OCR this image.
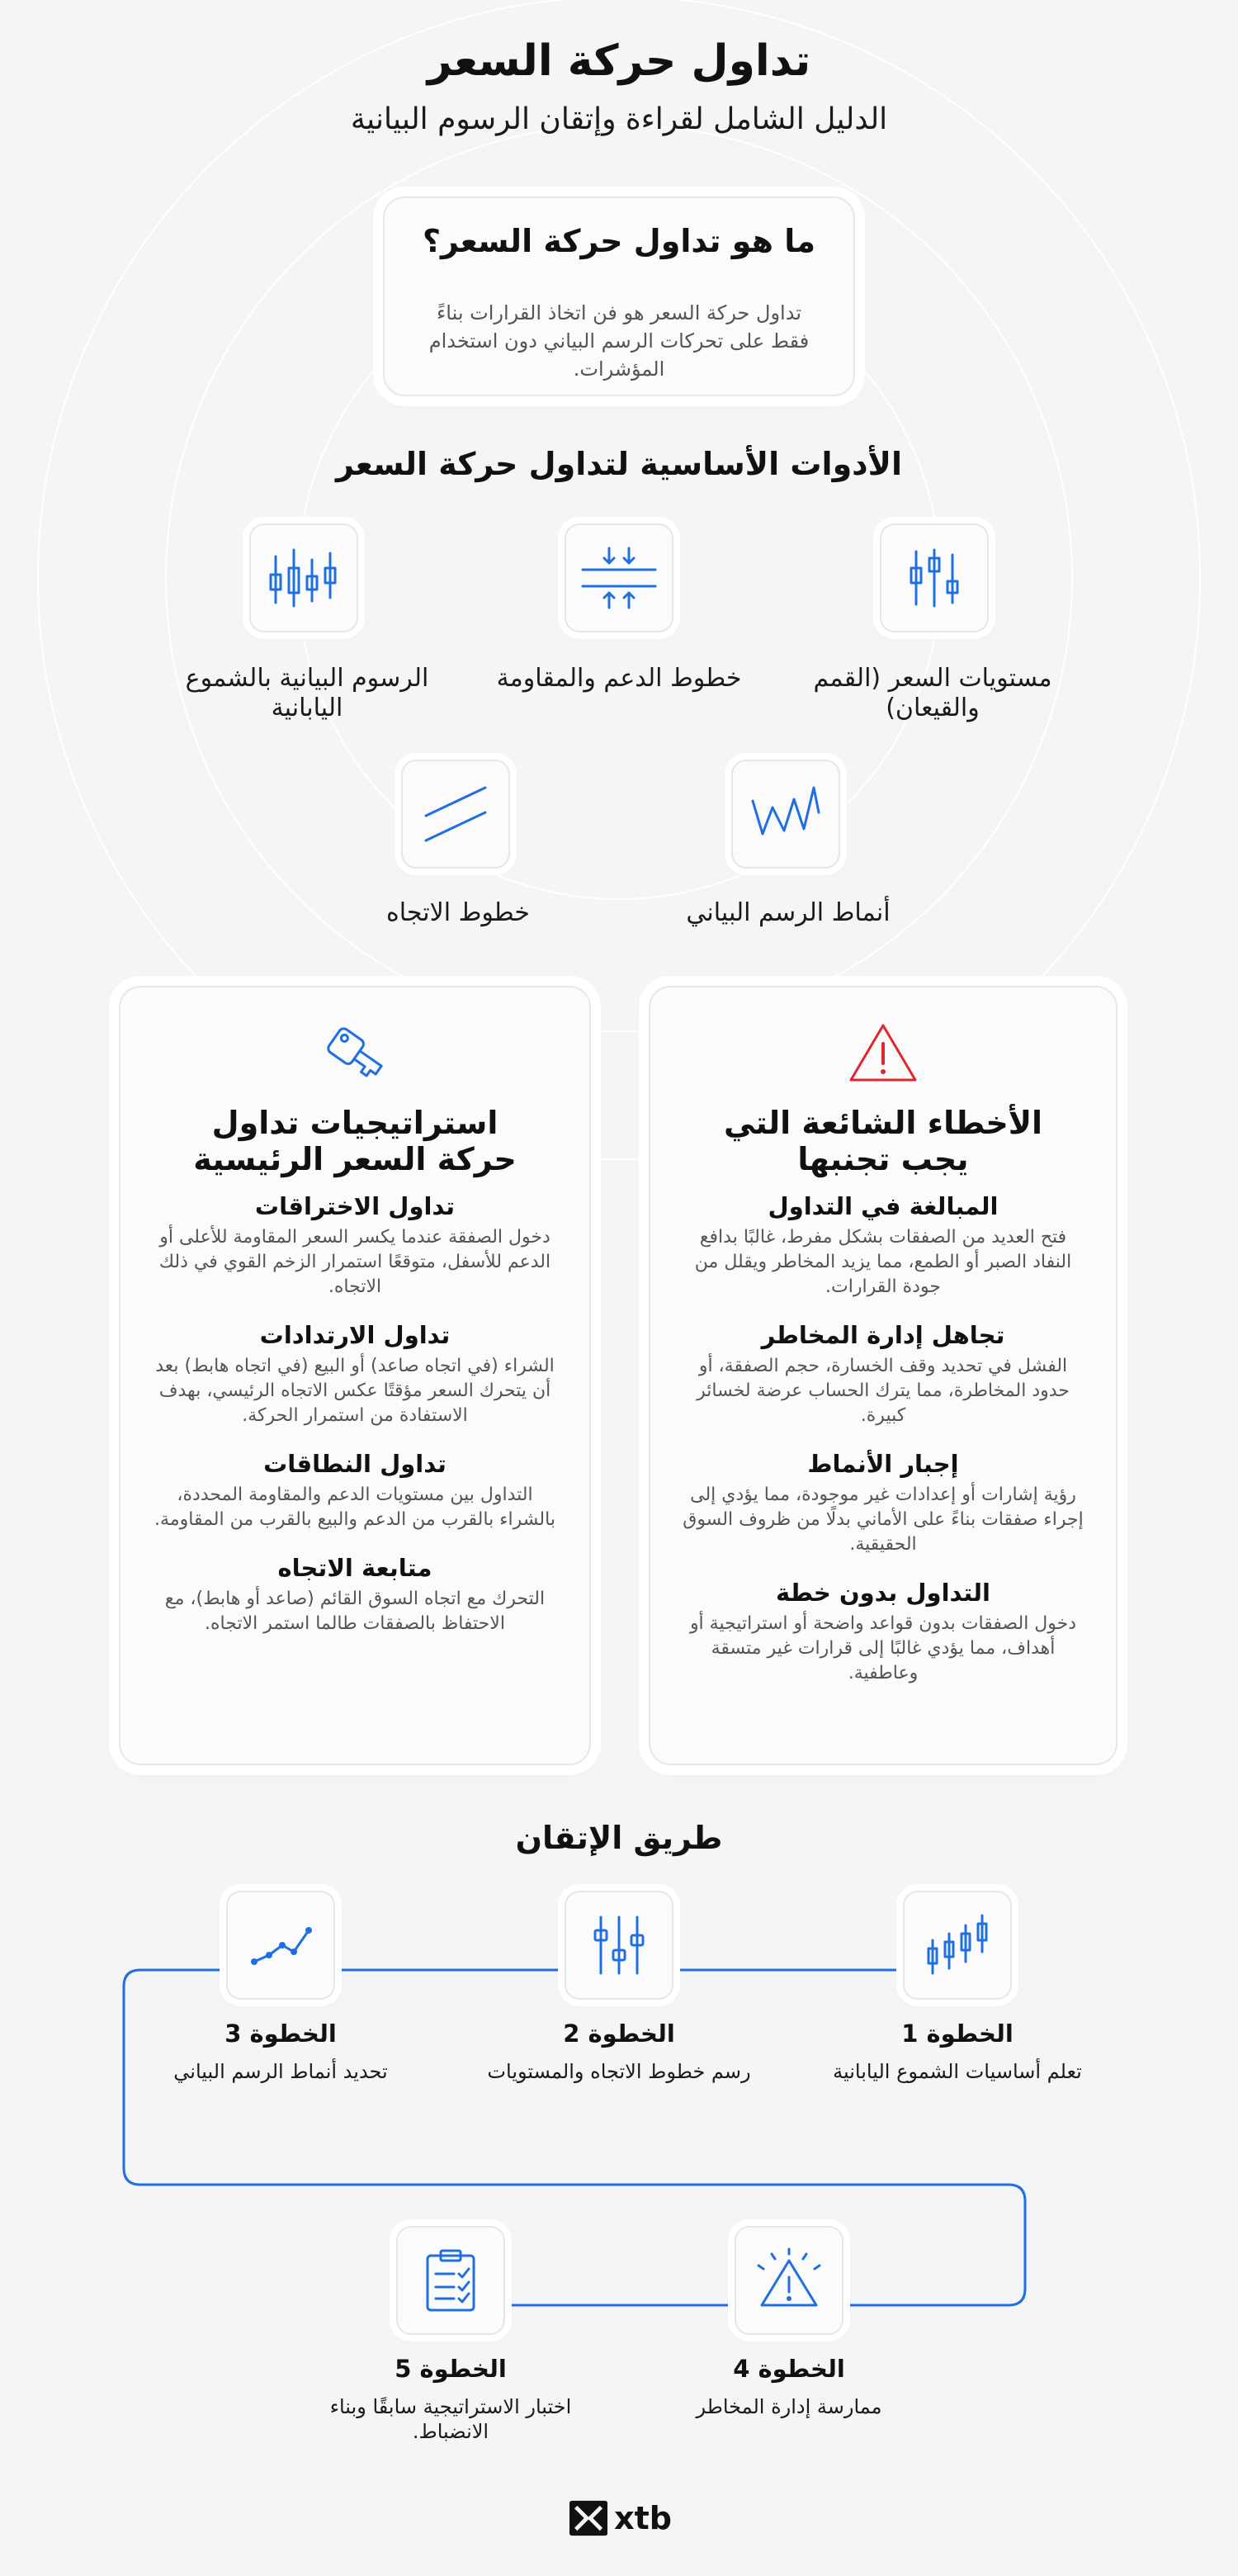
تداول حركة السعر
الدليل الشامل لقراءة وإتقان الرسوم البيانية
ما هو تداول حركة السعر؟

تداول حركة السعر هو فن اتخاذ القرارات بناءً فقط على تحركات الرسم البياني دون استخدام المؤشرات.

الأدوات الأساسية لتداول حركة السعر
مستويات السعر (القمم والقيعان)
خطوط الدعم والمقاومة
الرسوم البيانية بالشموع اليابانية
أنماط الرسم البياني
خطوط الاتجاه
الأخطاء الشائعة التي يجب تجنبها
المبالغة في التداول

فتح العديد من الصفقات بشكل مفرط، غالبًا بدافع النفاد الصبر أو الطمع، مما يزيد المخاطر ويقلل من جودة القرارات.

تجاهل إدارة المخاطر

الفشل في تحديد وقف الخسارة، حجم الصفقة، أو حدود المخاطرة، مما يترك الحساب عرضة لخسائر كبيرة.

إجبار الأنماط

رؤية إشارات أو إعدادات غير موجودة، مما يؤدي إلى إجراء صفقات بناءً على الأماني بدلًا من ظروف السوق الحقيقية.

التداول بدون خطة

دخول الصفقات بدون قواعد واضحة أو استراتيجية أو أهداف، مما يؤدي غالبًا إلى قرارات غير متسقة وعاطفية.

استراتيجيات تداول حركة السعر الرئيسية
تداول الاختراقات

دخول الصفقة عندما يكسر السعر المقاومة للأعلى أو الدعم للأسفل، متوقعًا استمرار الزخم القوي في ذلك الاتجاه.

تداول الارتدادات

الشراء (في اتجاه صاعد) أو البيع (في اتجاه هابط) بعد أن يتحرك السعر مؤقتًا عكس الاتجاه الرئيسي، بهدف الاستفادة من استمرار الحركة.

تداول النطاقات

التداول بين مستويات الدعم والمقاومة المحددة، بالشراء بالقرب من الدعم والبيع بالقرب من المقاومة.

متابعة الاتجاه

التحرك مع اتجاه السوق القائم (صاعد أو هابط)، مع الاحتفاظ بالصفقات طالما استمر الاتجاه.

طريق الإتقان
الخطوة 1
تعلم أساسيات الشموع اليابانية
الخطوة 2
رسم خطوط الاتجاه والمستويات
الخطوة 3
تحديد أنماط الرسم البياني
الخطوة 4
ممارسة إدارة المخاطر
الخطوة 5
اختبار الاستراتيجية سابقًا وبناء الانضباط.
xtb
